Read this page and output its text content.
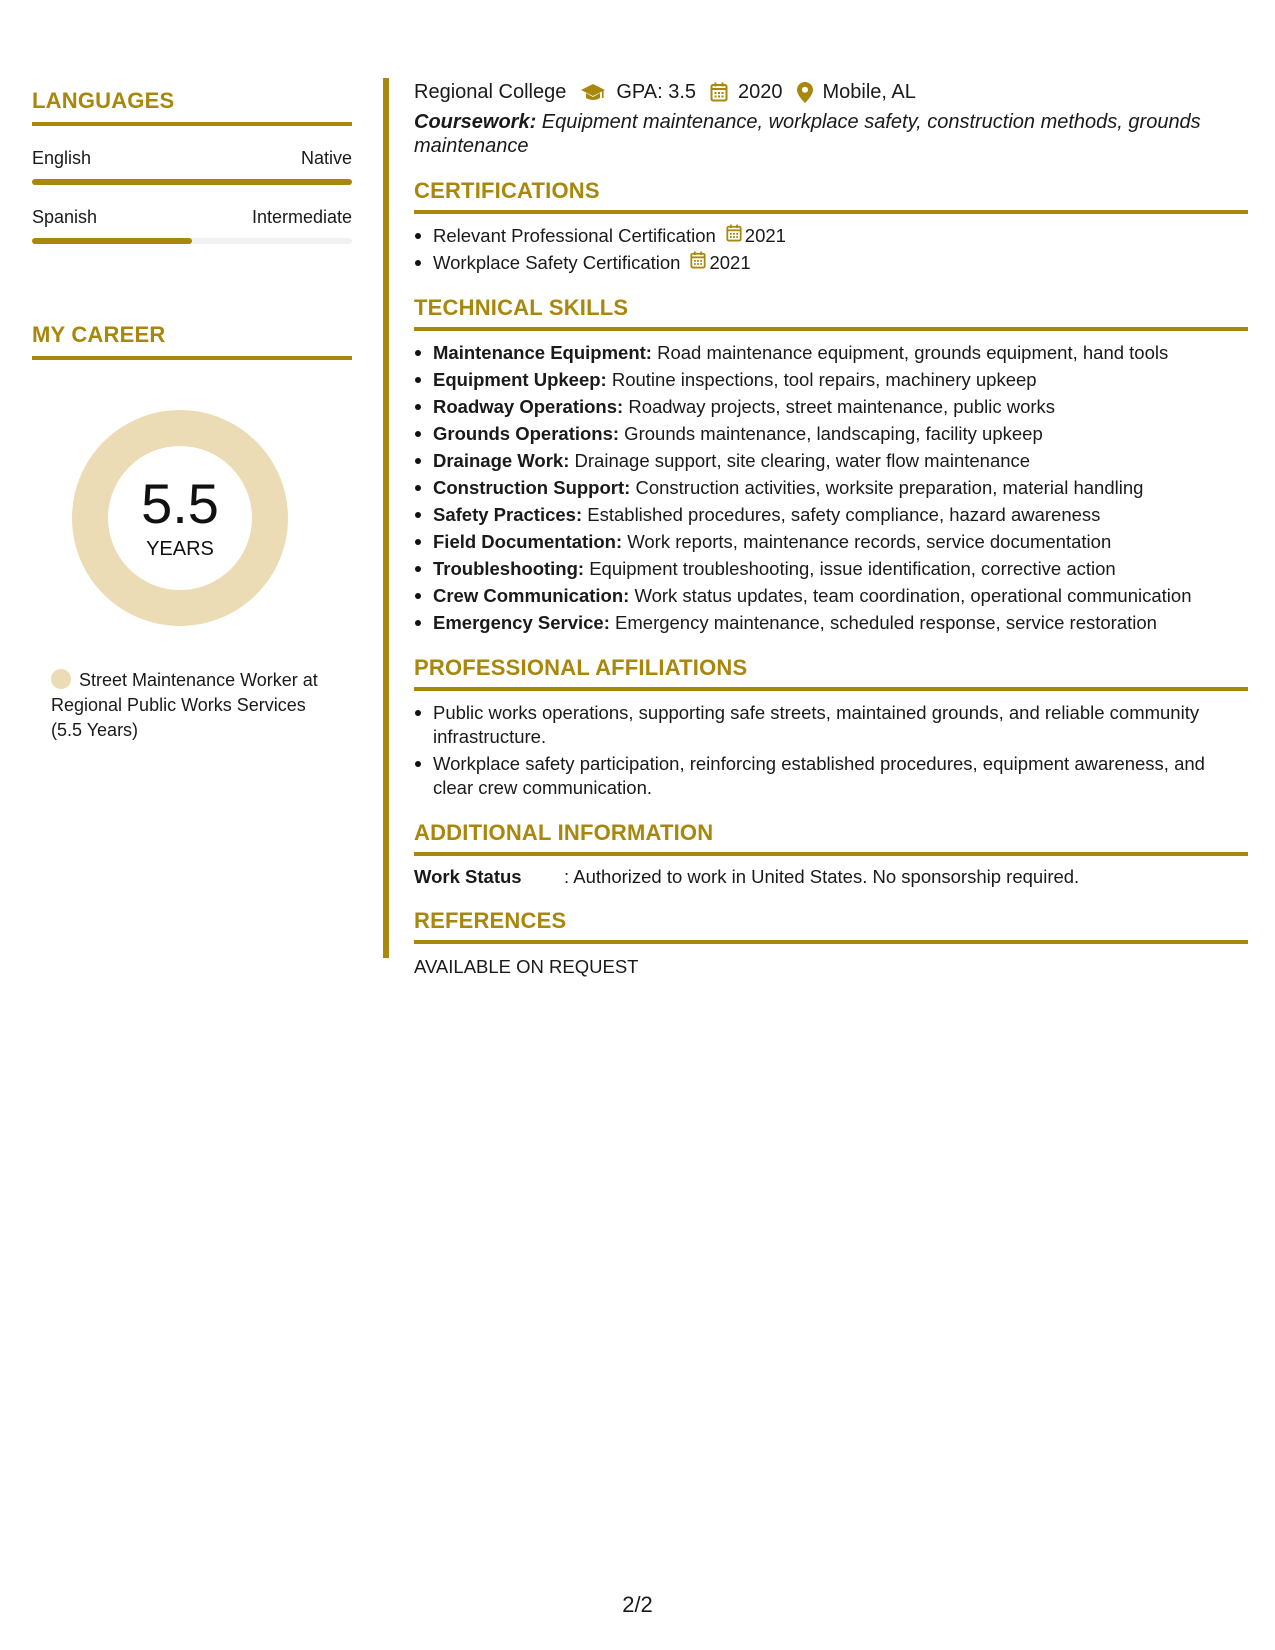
LANGUAGES
English	Native
Spanish	Intermediate
MY CAREER
5.5
YEARS
Street Maintenance Worker at Regional Public Works Services (5.5 Years)
Regional College	GPA: 3.5 2020 Mobile, AL
Coursework: Equipment maintenance, workplace safety, construction methods, grounds maintenance
CERTIFICATIONS
Relevant Professional Certification 2021
Workplace Safety Certification 2021
TECHNICAL SKILLS
Maintenance Equipment: Road maintenance equipment, grounds equipment, hand tools
Equipment Upkeep: Routine inspections, tool repairs, machinery upkeep
Roadway Operations: Roadway projects, street maintenance, public works
Grounds Operations: Grounds maintenance, landscaping, facility upkeep
Drainage Work: Drainage support, site clearing, water flow maintenance
Construction Support: Construction activities, worksite preparation, material handling
Safety Practices: Established procedures, safety compliance, hazard awareness
Field Documentation: Work reports, maintenance records, service documentation
Troubleshooting: Equipment troubleshooting, issue identification, corrective action
Crew Communication: Work status updates, team coordination, operational communication
Emergency Service: Emergency maintenance, scheduled response, service restoration
PROFESSIONAL AFFILIATIONS
Public works operations, supporting safe streets, maintained grounds, and reliable community infrastructure.
Workplace safety participation, reinforcing established procedures, equipment awareness, and clear crew communication.
ADDITIONAL INFORMATION
Work Status	: Authorized to work in United States. No sponsorship required.
REFERENCES
AVAILABLE ON REQUEST
2/2
